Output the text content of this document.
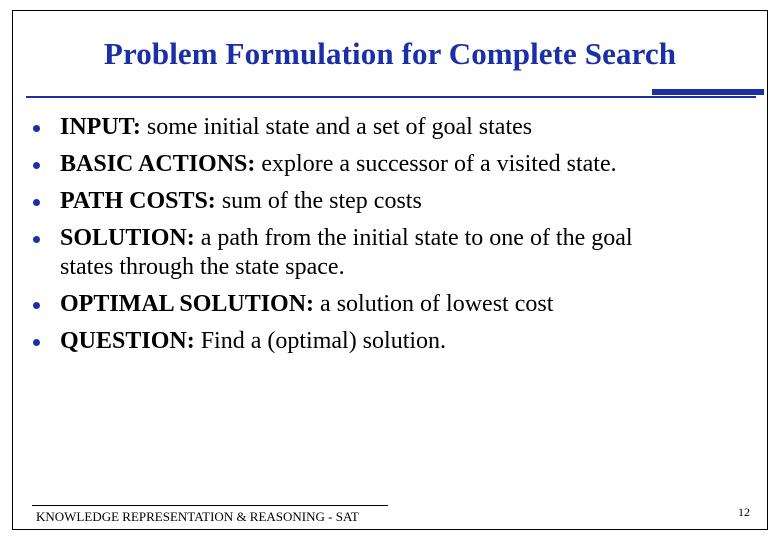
Problem Formulation for Complete Search
INPUT: some initial state and a set of goal states
BASIC ACTIONS: explore a successor of a visited state.
PATH COSTS: sum of the step costs
SOLUTION: a path from the initial state to one of the goal
states through the state space.
OPTIMAL SOLUTION: a solution of lowest cost
QUESTION: Find a (optimal) solution.
KNOWLEDGE REPRESENTATION & REASONING - SAT	12
